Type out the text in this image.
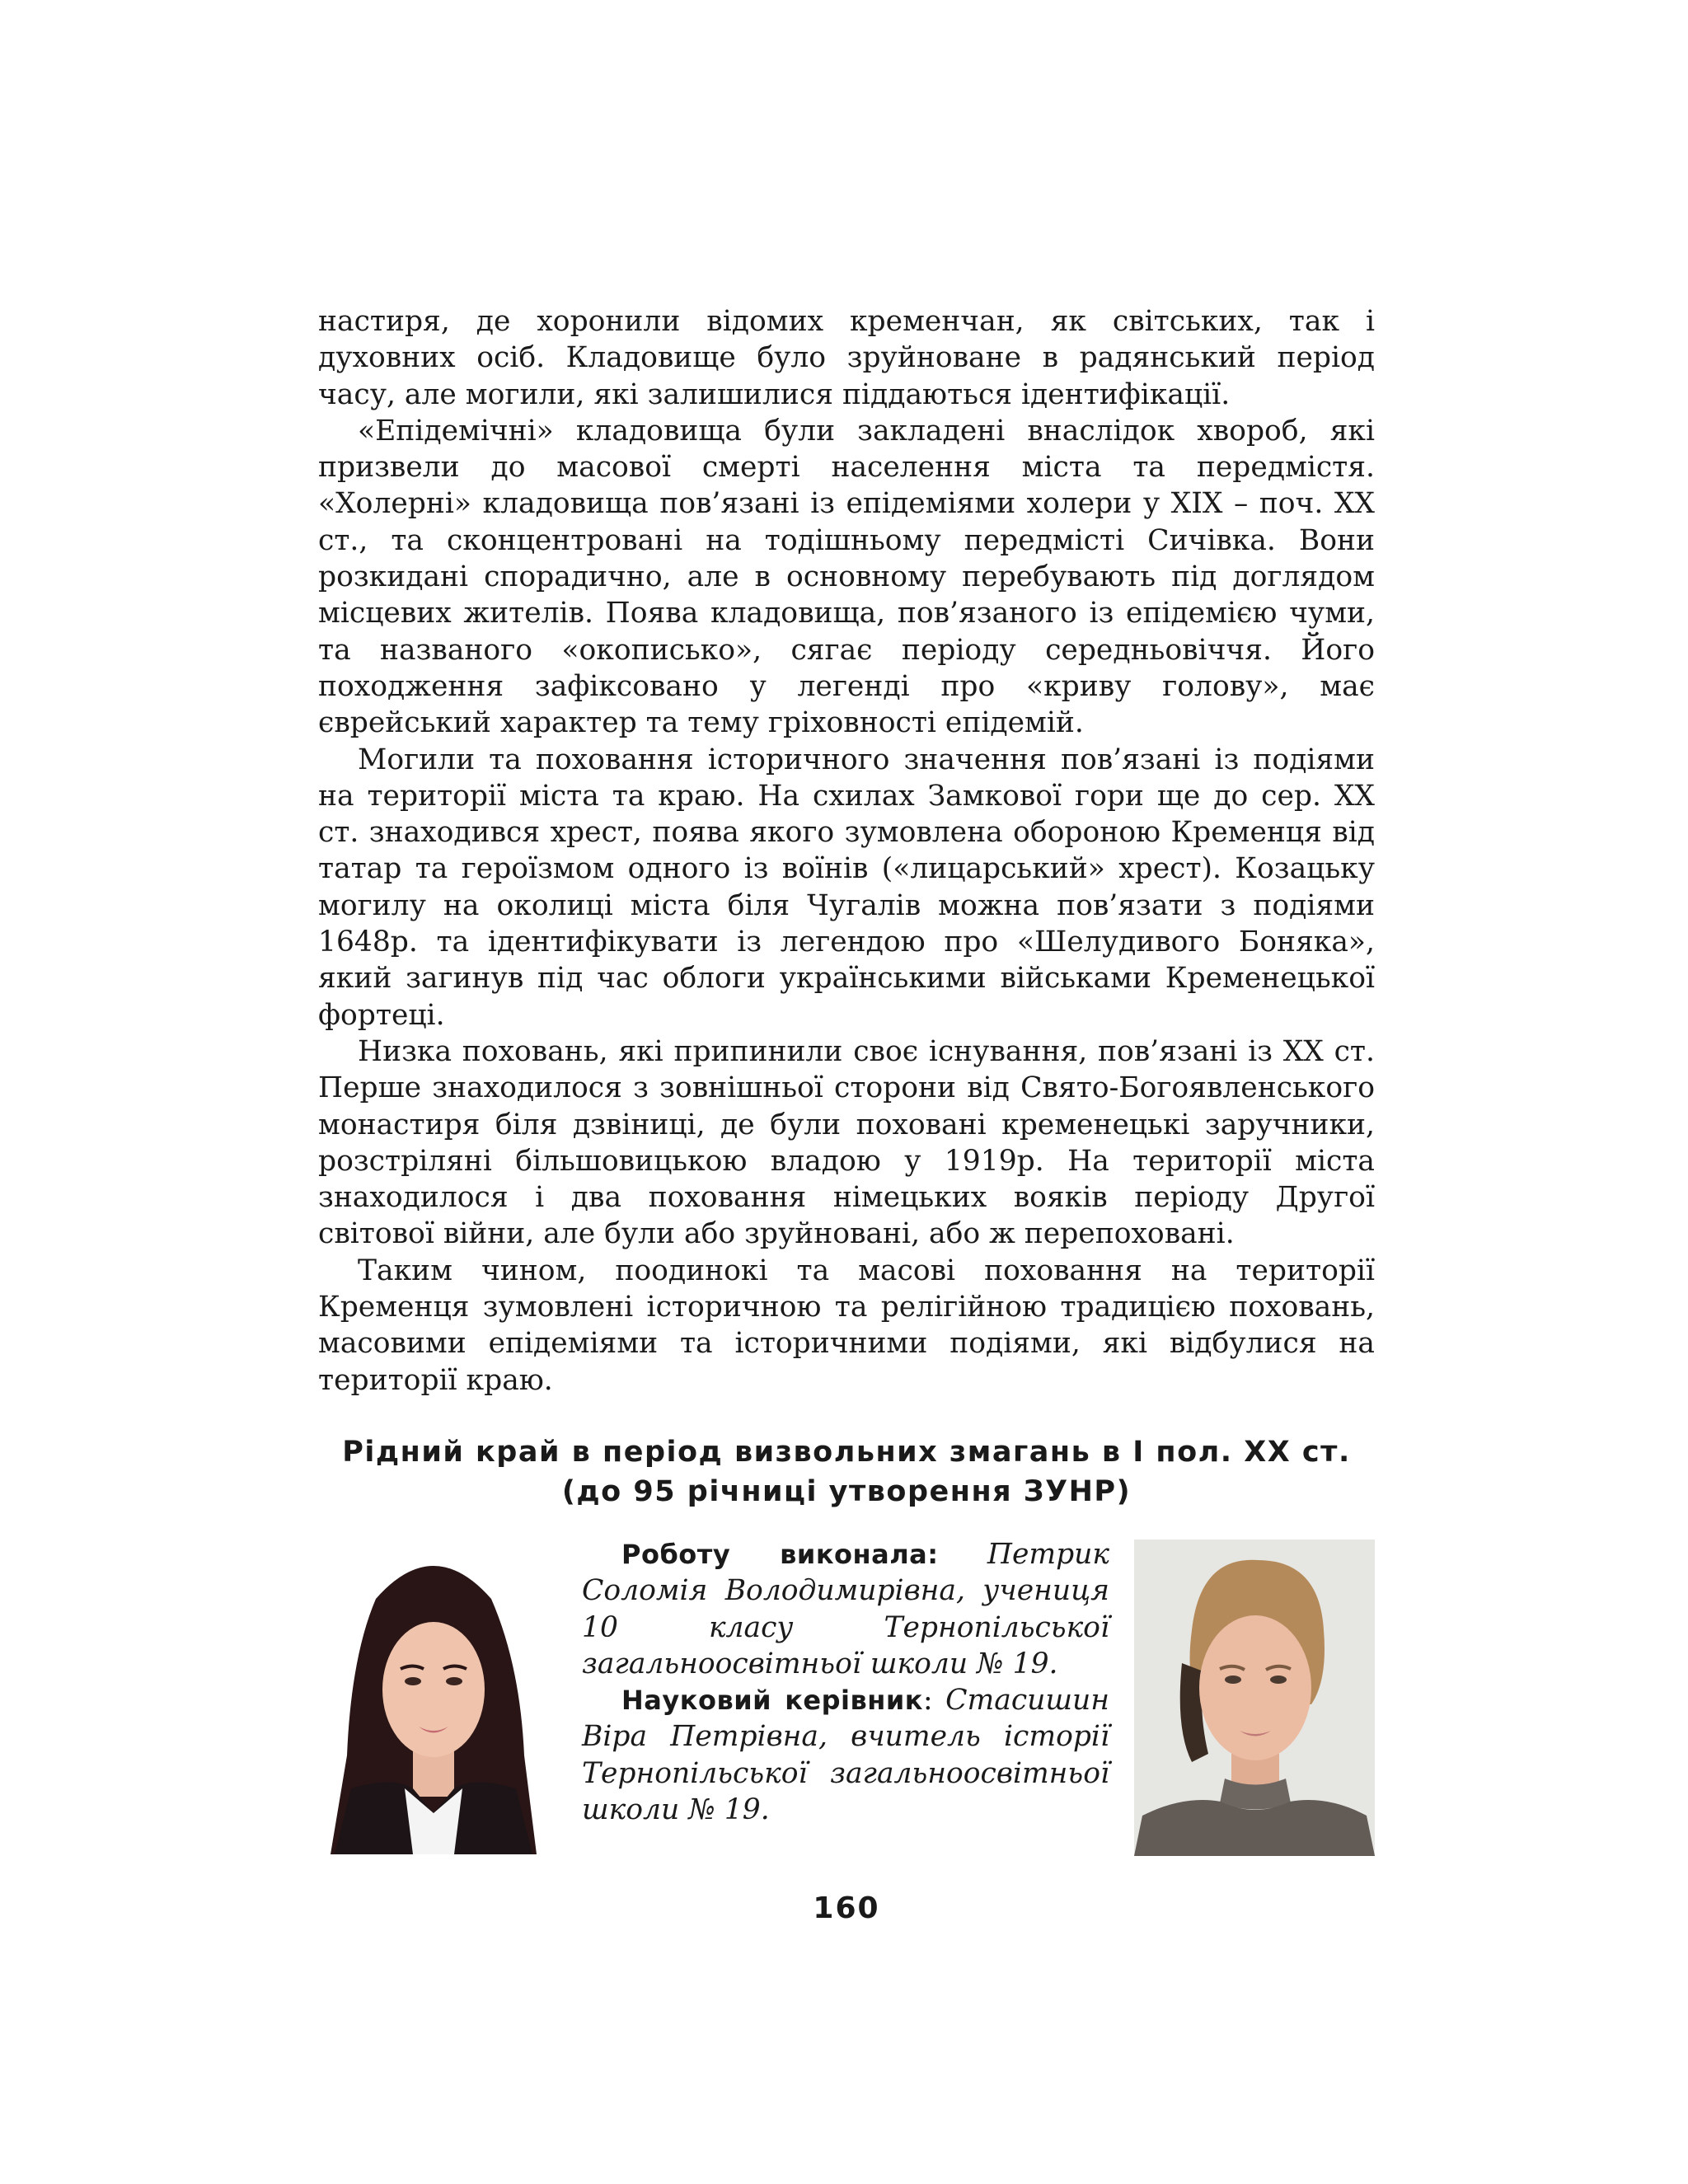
настиря, де хоронили відомих кременчан, як світських, так і духовних осіб. Кладовище було зруйноване в радянський період часу, але могили, які залишилися піддаються ідентифікації.

«Епідемічні» кладовища були закладені внаслідок хвороб, які призвели до масової смерті населення міста та передмістя. «Холерні» кладовища пов’язані із епідеміями холери у ХІХ – поч. ХХ ст., та сконцентровані на тодішньому передмісті Сичівка. Вони розкидані спорадично, але в основному перебувають під доглядом місцевих жителів. Поява кладовища, пов’язаного із епідемією чуми, та названого «окописько», сягає періоду середньовіччя. Його походження зафіксовано у легенді про «криву голову», має єврейський характер та тему гріховності епідемій.

Могили та поховання історичного значення пов’язані із подіями на території міста та краю. На схилах Замкової гори ще до сер. ХХ ст. знаходився хрест, поява якого зумовлена обороною Кременця від татар та героїзмом одного із воїнів («лицарський» хрест). Козацьку могилу на околиці міста біля Чугалів можна пов’язати з подіями 1648р. та ідентифікувати із легендою про «Шелудивого Боняка», який загинув під час облоги українськими військами Кременецької фортеці.

Низка поховань, які припинили своє існування, пов’язані із ХХ ст. Перше знаходилося з зовнішньої сторони від Свято-Богоявленського монастиря біля дзвіниці, де були поховані кременецькі заручники, розстріляні більшовицькою владою у 1919р. На території міста знаходилося і два поховання німецьких вояків періоду Другої світової війни, але були або зруйновані, або ж перепоховані.

Таким чином, поодинокі та масові поховання на території Кременця зумовлені історичною та релігійною традицією поховань, масовими епідеміями та історичними подіями, які відбулися на території краю.

Рідний край в період визвольних змагань в І пол. ХХ ст.
(до 95 річниці утворення ЗУНР)

Роботу виконала: Петрик Соломія Володимирівна, учениця 10 класу Тернопільської загальноосвітньої школи № 19.

Науковий керівник: Стасишин Віра Петрівна, вчитель історії Тернопільської загальноосвітньої школи № 19.

160
